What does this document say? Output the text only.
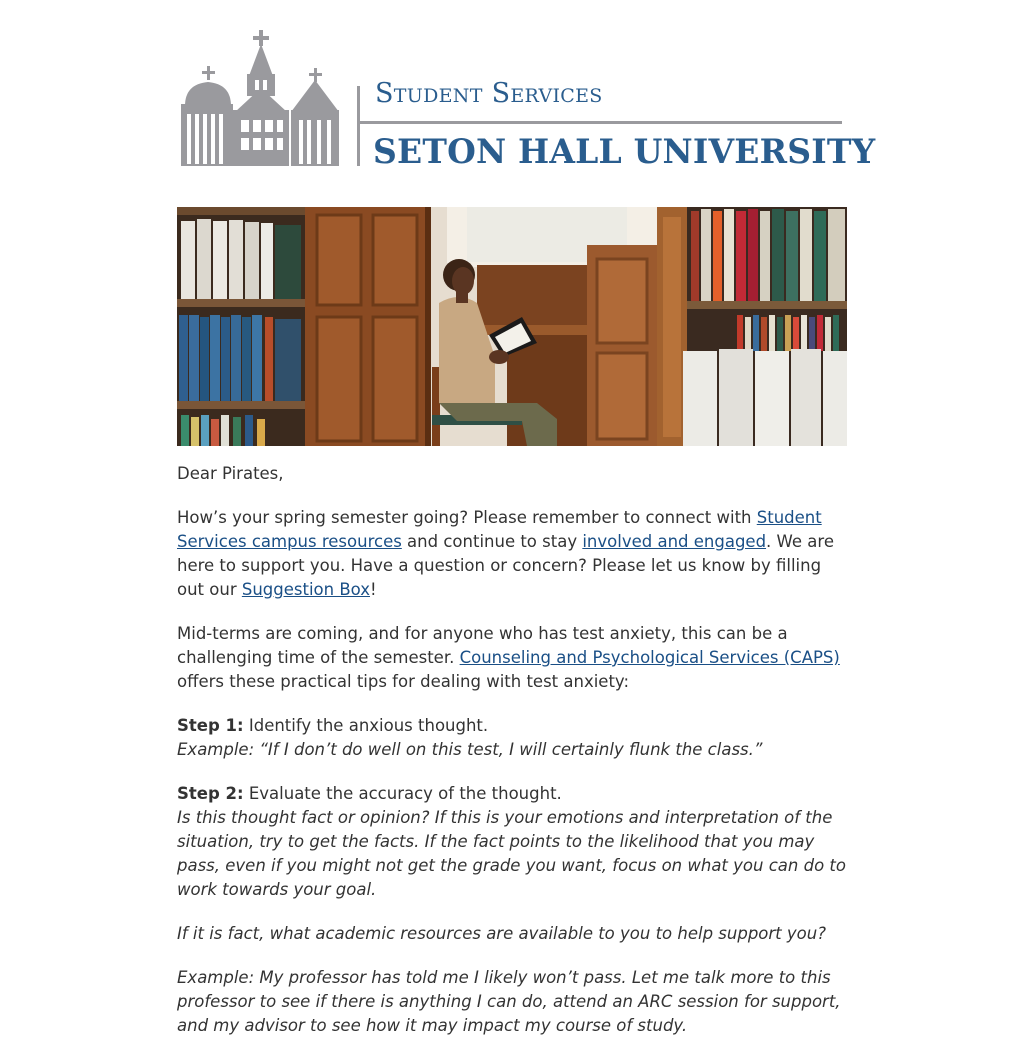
Student Services
SETON HALL UNIVERSITY

Dear Pirates,

How’s your spring semester going? Please remember to connect with Student Services campus resources and continue to stay involved and engaged. We are here to support you. Have a question or concern? Please let us know by filling out our Suggestion Box!

Mid-terms are coming, and for anyone who has test anxiety, this can be a challenging time of the semester. Counseling and Psychological Services (CAPS) offers these practical tips for dealing with test anxiety:

Step 1: Identify the anxious thought.
Example: “If I don’t do well on this test, I will certainly flunk the class.”

Step 2: Evaluate the accuracy of the thought.
Is this thought fact or opinion? If this is your emotions and interpretation of the situation, try to get the facts. If the fact points to the likelihood that you may pass, even if you might not get the grade you want, focus on what you can do to work towards your goal.

If it is fact, what academic resources are available to you to help support you?

Example: My professor has told me I likely won’t pass. Let me talk more to this professor to see if there is anything I can do, attend an ARC session for support, and my advisor to see how it may impact my course of study.
